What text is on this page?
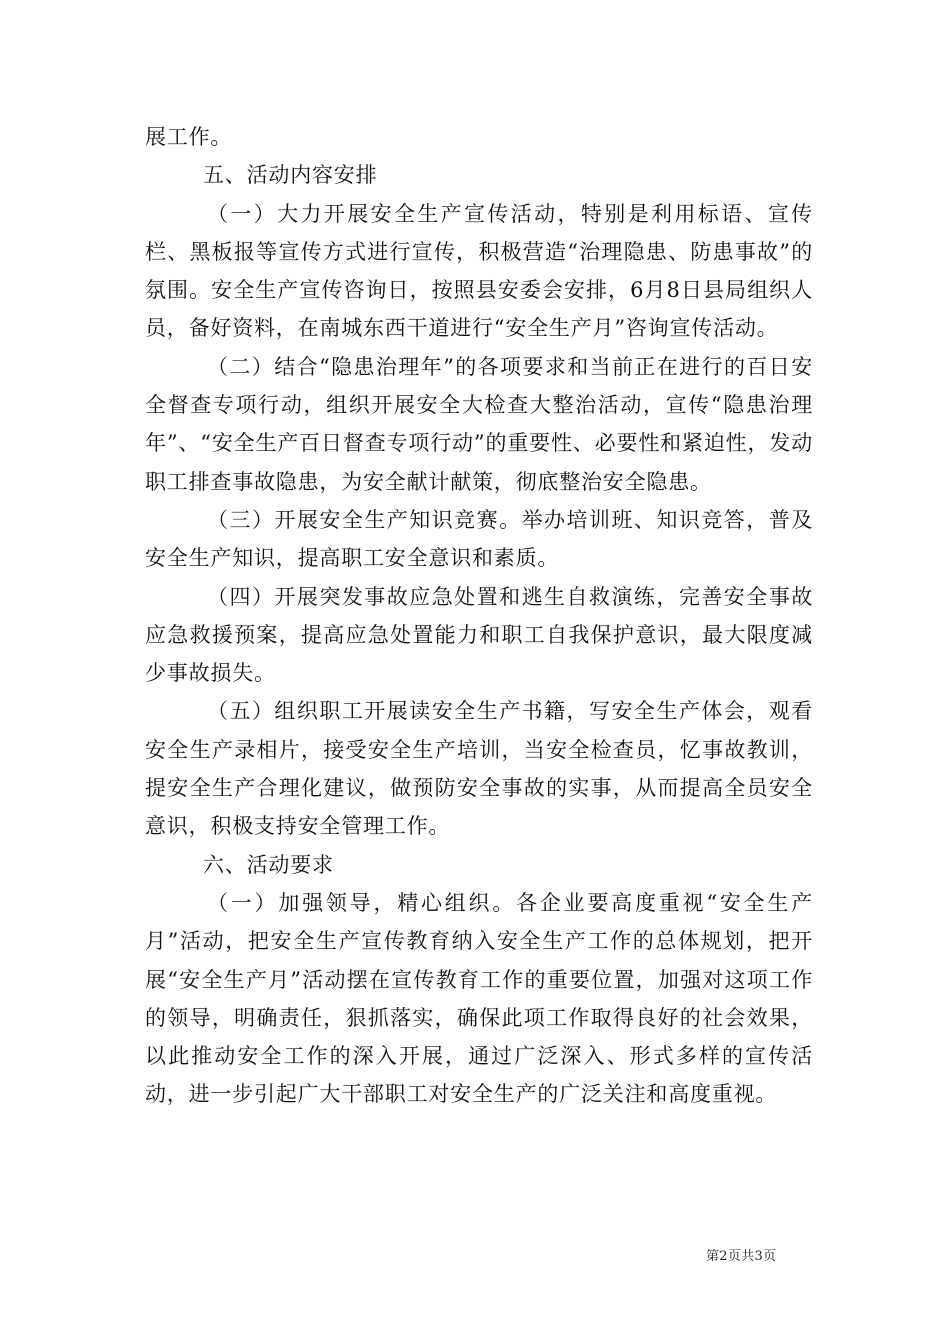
展工作。

五、活动内容安排

（一）大力开展安全生产宣传活动，特别是利用标语、宣传栏、黑板报等宣传方式进行宣传，积极营造“治理隐患、防患事故”的氛围。安全生产宣传咨询日，按照县安委会安排，6月8日县局组织人员，备好资料，在南城东西干道进行“安全生产月”咨询宣传活动。

（二）结合“隐患治理年”的各项要求和当前正在进行的百日安全督查专项行动，组织开展安全大检查大整治活动，宣传“隐患治理年”、“安全生产百日督查专项行动”的重要性、必要性和紧迫性，发动职工排查事故隐患，为安全献计献策，彻底整治安全隐患。

（三）开展安全生产知识竞赛。举办培训班、知识竞答，普及安全生产知识，提高职工安全意识和素质。

（四）开展突发事故应急处置和逃生自救演练，完善安全事故应急救援预案，提高应急处置能力和职工自我保护意识，最大限度减少事故损失。

（五）组织职工开展读安全生产书籍，写安全生产体会，观看安全生产录相片，接受安全生产培训，当安全检查员，忆事故教训，提安全生产合理化建议，做预防安全事故的实事，从而提高全员安全意识，积极支持安全管理工作。

六、活动要求

（一）加强领导，精心组织。各企业要高度重视“安全生产月”活动，把安全生产宣传教育纳入安全生产工作的总体规划，把开展“安全生产月”活动摆在宣传教育工作的重要位置，加强对这项工作的领导，明确责任，狠抓落实，确保此项工作取得良好的社会效果，以此推动安全工作的深入开展，通过广泛深入、形式多样的宣传活动，进一步引起广大干部职工对安全生产的广泛关注和高度重视。

第2页共3页
